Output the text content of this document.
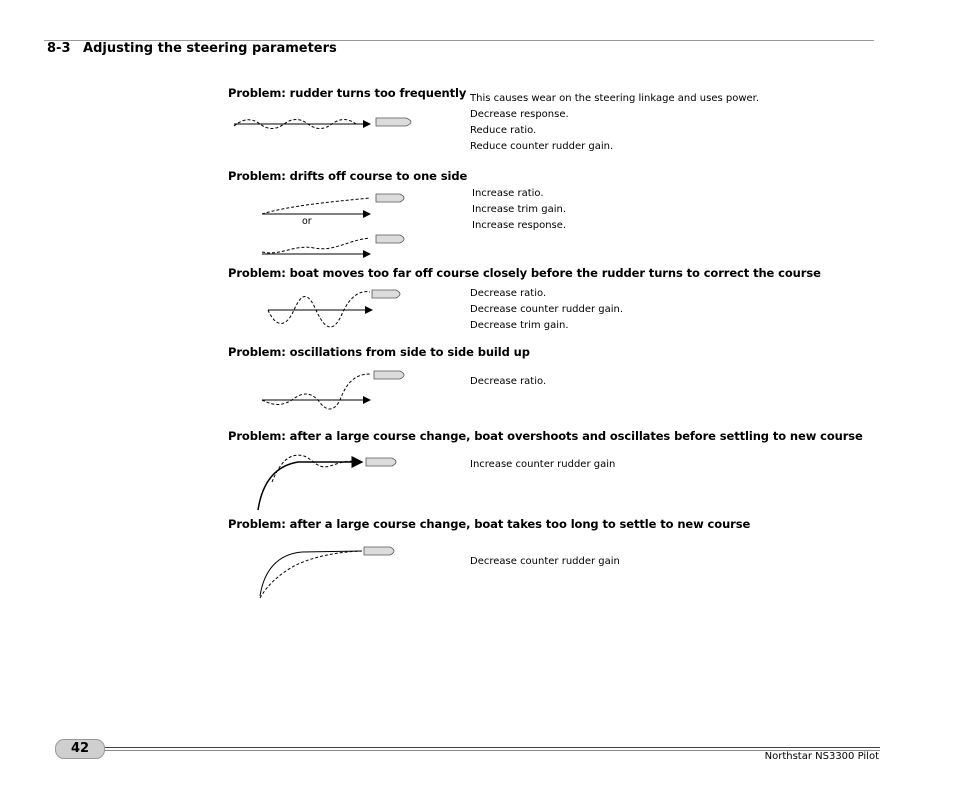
8-3 Adjusting the steering parameters
Problem: rudder turns too frequently This causes wear on the steering linkage and uses power.
Decrease response.
Reduce ratio.
Reduce counter rudder gain.
Problem: drifts off course to one side
or
Increase ratio.
Increase trim gain.
Increase response.
Problem: boat moves too far off course closely before the rudder turns to correct the course
Decrease ratio.
Decrease counter rudder gain.
Decrease trim gain.
Problem: oscillations from side to side build up
Decrease ratio.
Problem: after a large course change, boat overshoots and oscillates before settling to new course
Increase counter rudder gain
Problem: after a large course change, boat takes too long to settle to new course
Decrease counter rudder gain
42
Northstar NS3300 Pilot
